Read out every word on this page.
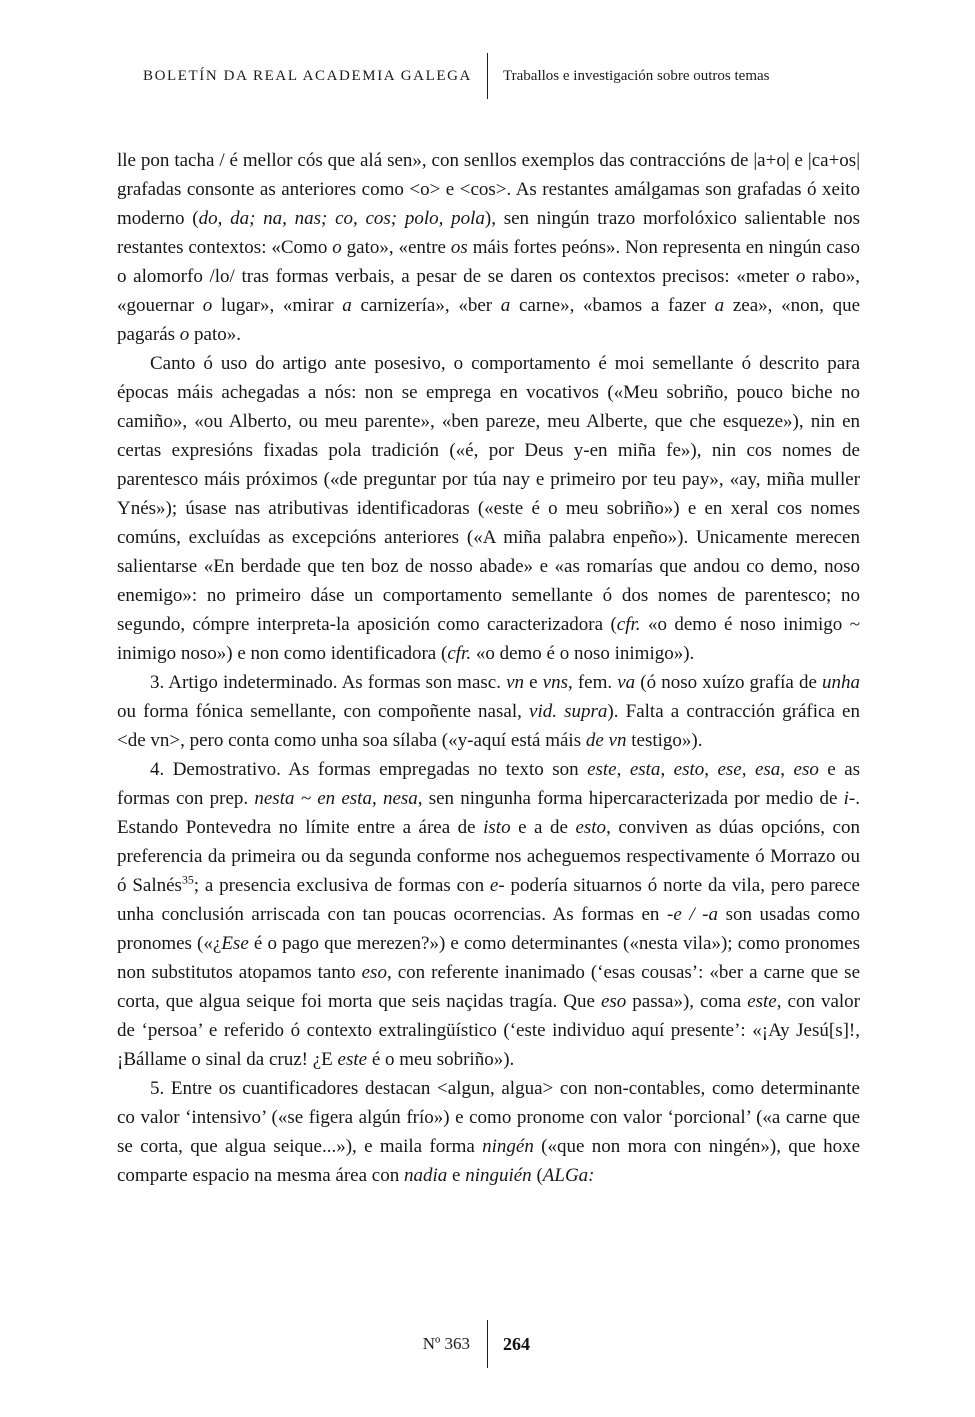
BOLETÍN DA REAL ACADEMIA GALEGA Traballos e investigación sobre outros temas

lle pon tacha / é mellor cós que alá sen», con senllos exemplos das contraccións de |a+o| e |ca+os| grafadas consonte as anteriores como <o> e <cos>. As restantes amálgamas son grafadas ó xeito moderno (do, da; na, nas; co, cos; polo, pola), sen ningún trazo morfolóxico salientable nos restantes contextos: «Como o gato», «entre os máis fortes peóns». Non representa en ningún caso o alomorfo /lo/ tras formas verbais, a pesar de se daren os contextos precisos: «meter o rabo», «gouernar o lugar», «mirar a carnizería», «ber a carne», «bamos a fazer a zea», «non, que pagarás o pato».

Canto ó uso do artigo ante posesivo, o comportamento é moi semellante ó descrito para épocas máis achegadas a nós: non se emprega en vocativos («Meu sobriño, pouco biche no camiño», «ou Alberto, ou meu parente», «ben pareze, meu Alberte, que che esqueze»), nin en certas expresións fixadas pola tradición («é, por Deus y-en miña fe»), nin cos nomes de parentesco máis próximos («de preguntar por túa nay e primeiro por teu pay», «ay, miña muller Ynés»); úsase nas atributivas identificadoras («este é o meu sobriño») e en xeral cos nomes comúns, excluídas as excepcións anteriores («A miña palabra enpeño»). Unicamente merecen salientarse «En berdade que ten boz de nosso abade» e «as romarías que andou co demo, noso enemigo»: no primeiro dáse un comportamento semellante ó dos nomes de parentesco; no segundo, cómpre interpreta-la aposición como caracterizadora (cfr. «o demo é noso inimigo ~ inimigo noso») e non como identificadora (cfr. «o demo é o noso inimigo»).

3. Artigo indeterminado. As formas son masc. vn e vns, fem. va (ó noso xuízo grafía de unha ou forma fónica semellante, con compoñente nasal, vid. supra). Falta a contracción gráfica en <de vn>, pero conta como unha soa sílaba («y-aquí está máis de vn testigo»).

4. Demostrativo. As formas empregadas no texto son este, esta, esto, ese, esa, eso e as formas con prep. nesta ~ en esta, nesa, sen ningunha forma hipercaracterizada por medio de i-. Estando Pontevedra no límite entre a área de isto e a de esto, conviven as dúas opcións, con preferencia da primeira ou da segunda conforme nos acheguemos respectivamente ó Morrazo ou ó Salnés$^{35}$; a presencia exclusiva de formas con e- podería situarnos ó norte da vila, pero parece unha conclusión arriscada con tan poucas ocorrencias. As formas en -e / -a son usadas como pronomes («¿Ese é o pago que merezen?») e como determinantes («nesta vila»); como pronomes non substitutos atopamos tanto eso, con referente inanimado (‘esas cousas’: «ber a carne que se corta, que algua seique foi morta que seis naçidas tragía. Que eso passa»), coma este, con valor de ‘persoa’ e referido ó contexto extralingüístico (‘este individuo aquí presente’: «¡Ay Jesú[s]!, ¡Bállame o sinal da cruz! ¿E este é o meu sobriño»).

5. Entre os cuantificadores destacan <algun, algua> con non-contables, como determinante co valor ‘intensivo’ («se figera algún frío») e como pronome con valor ‘porcional’ («a carne que se corta, que algua seique...»), e maila forma ningén («que non mora con ningén»), que hoxe comparte espacio na mesma área con nadia e ninguién (ALGa:

Nº 363 264
